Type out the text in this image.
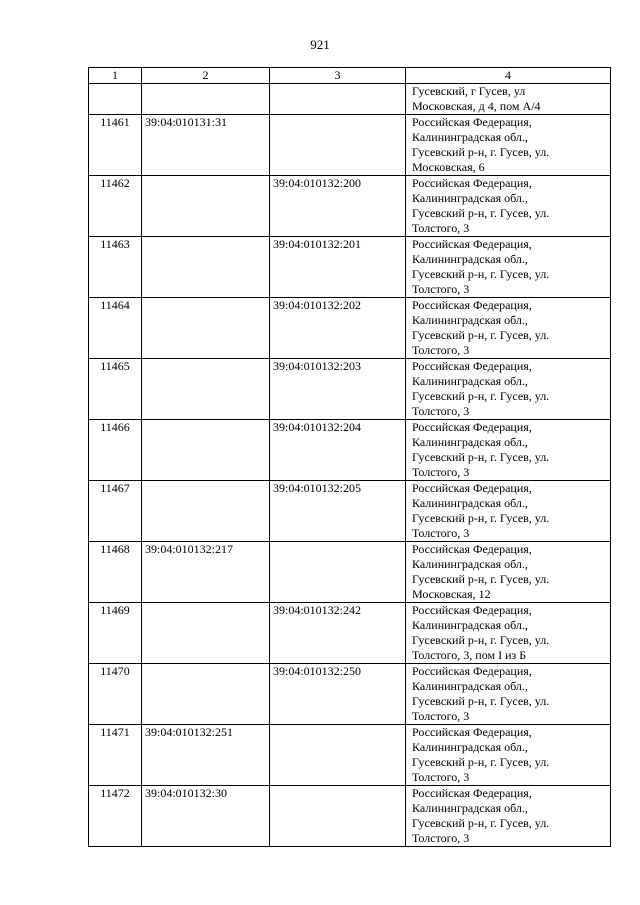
921
1	2	3	4
			Гусевский, г Гусев, ул
Московская, д 4, пом А/4
11461	39:04:010131:31		Российская Федерация,
Калининградская обл.,
Гусевский р-н, г. Гусев, ул.
Московская, 6
11462		39:04:010132:200	Российская Федерация,
Калининградская обл.,
Гусевский р-н, г. Гусев, ул.
Толстого, 3
11463		39:04:010132:201	Российская Федерация,
Калининградская обл.,
Гусевский р-н, г. Гусев, ул.
Толстого, 3
11464		39:04:010132:202	Российская Федерация,
Калининградская обл.,
Гусевский р-н, г. Гусев, ул.
Толстого, 3
11465		39:04:010132:203	Российская Федерация,
Калининградская обл.,
Гусевский р-н, г. Гусев, ул.
Толстого, 3
11466		39:04:010132:204	Российская Федерация,
Калининградская обл.,
Гусевский р-н, г. Гусев, ул.
Толстого, 3
11467		39:04:010132:205	Российская Федерация,
Калининградская обл.,
Гусевский р-н, г. Гусев, ул.
Толстого, 3
11468	39:04:010132:217		Российская Федерация,
Калининградская обл.,
Гусевский р-н, г. Гусев, ул.
Московская, 12
11469		39:04:010132:242	Российская Федерация,
Калининградская обл.,
Гусевский р-н, г. Гусев, ул.
Толстого, 3, пом I из Б
11470		39:04:010132:250	Российская Федерация,
Калининградская обл.,
Гусевский р-н, г. Гусев, ул.
Толстого, 3
11471	39:04:010132:251		Российская Федерация,
Калининградская обл.,
Гусевский р-н, г. Гусев, ул.
Толстого, 3
11472	39:04:010132:30		Российская Федерация,
Калининградская обл.,
Гусевский р-н, г. Гусев, ул.
Толстого, 3
